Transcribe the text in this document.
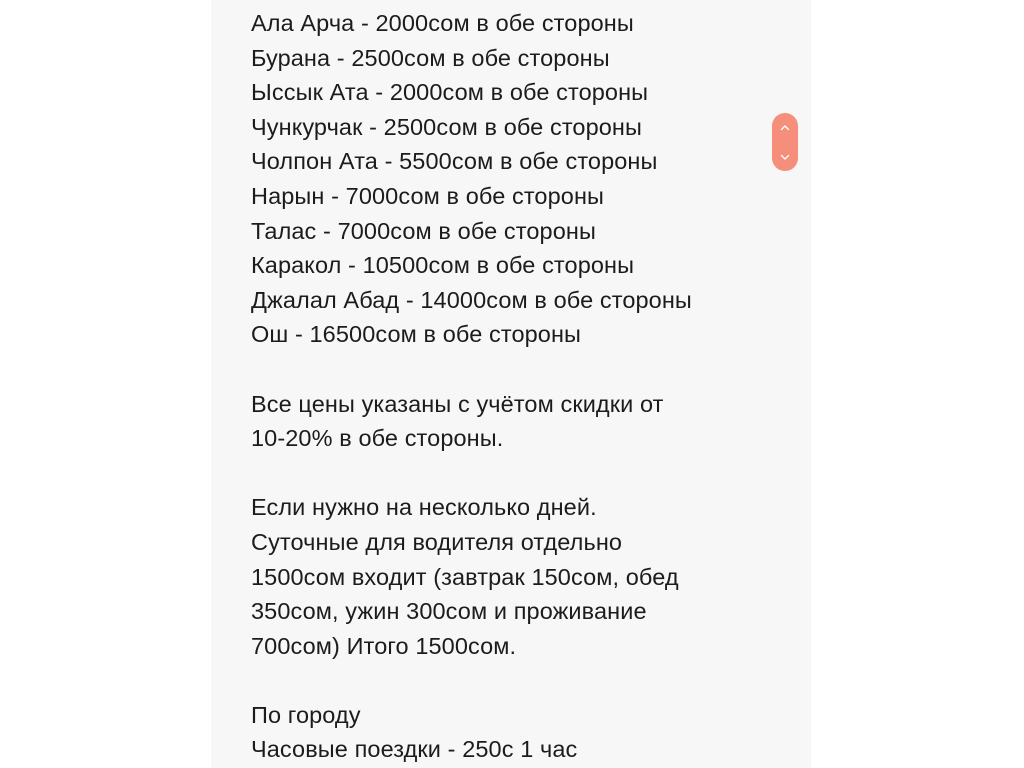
Ала Арча - 2000сом в обе стороны
Бурана - 2500сом в обе стороны
Ыссык Ата - 2000сом в обе стороны
Чункурчак - 2500сом в обе стороны
Чолпон Ата - 5500сом в обе стороны
Нарын - 7000сом в обе стороны
Талас - 7000сом в обе стороны
Каракол - 10500сом в обе стороны
Джалал Абад - 14000сом в обе стороны
Ош - 16500сом в обе стороны
Все цены указаны с учётом скидки от
10-20% в обе стороны.
Если нужно на несколько дней.
Суточные для водителя отдельно
1500сом входит (завтрак 150сом, обед
350сом, ужин 300сом и проживание
700сом) Итого 1500сом.
По городу
Часовые поездки - 250с 1 час
